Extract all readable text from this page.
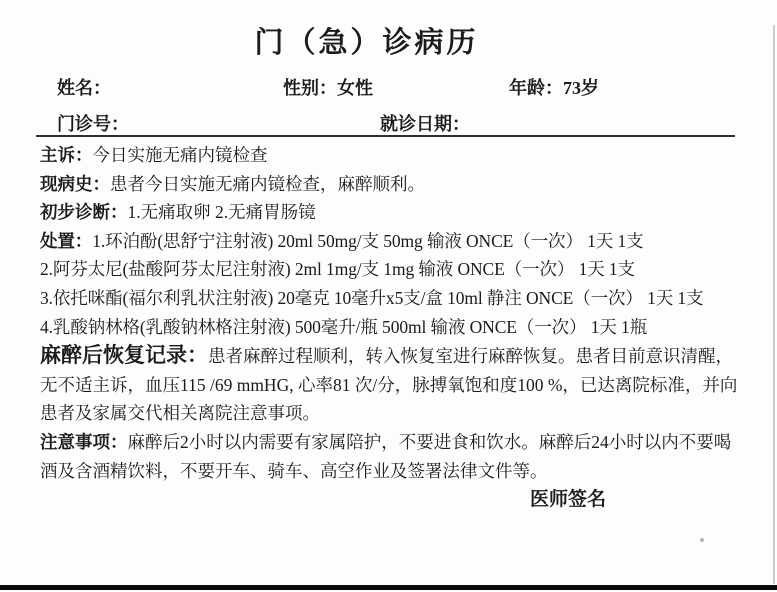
门（急）诊病历
姓名：	性别：女性	年龄：73岁
门诊号：	就诊日期：

主诉：今日实施无痛内镜检查

现病史：患者今日实施无痛内镜检查，麻醉顺利。

初步诊断：1.无痛取卵 2.无痛胃肠镜

处置：1.环泊酚(思舒宁注射液) 20ml 50mg/支 50mg 输液 ONCE（一次） 1天 1支

2.阿芬太尼(盐酸阿芬太尼注射液) 2ml 1mg/支 1mg 输液 ONCE（一次） 1天 1支

3.依托咪酯(福尔利乳状注射液) 20毫克 10毫升x5支/盒 10ml 静注 ONCE（一次） 1天 1支

4.乳酸钠林格(乳酸钠林格注射液) 500毫升/瓶 500ml 输液 ONCE（一次） 1天 1瓶

麻醉后恢复记录：患者麻醉过程顺利，转入恢复室进行麻醉恢复。患者目前意识清醒，无不适主诉，血压115 /69 mmHG, 心率81 次/分，脉搏氧饱和度100 %，已达离院标准，并向患者及家属交代相关离院注意事项。

注意事项：麻醉后2小时以内需要有家属陪护，不要进食和饮水。麻醉后24小时以内不要喝酒及含酒精饮料，不要开车、骑车、高空作业及签署法律文件等。

医师签名
